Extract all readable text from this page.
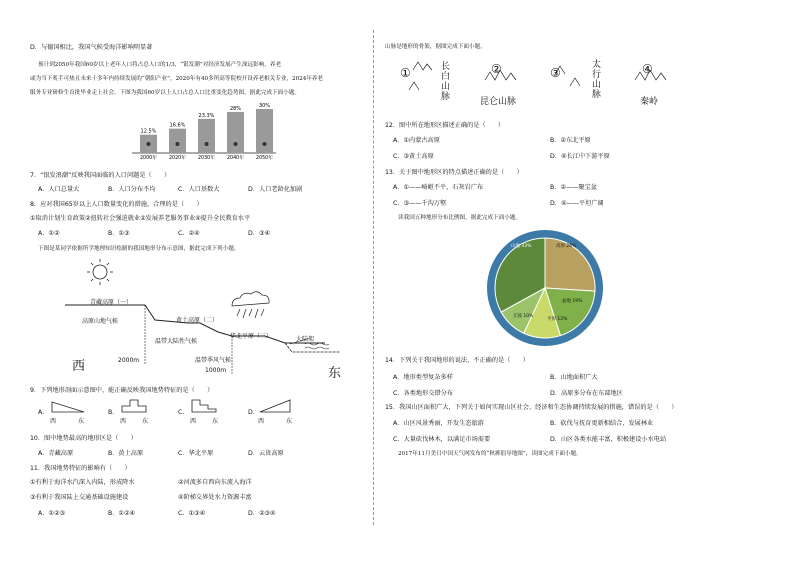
D．与德国相比，我国气候受海洋影响明显著
预计到2050年我国60岁以上老年人口将占总人口的1/3，“银发潮”对经济发展产生深远影响，养老
或为当下炙手可热且未来十多年内持续发展的“朝阳产业”，2020年有40多所高等院校开设养老相关专业，2024年养老
服务专业研修生首批毕业走上社会。下图为我国60岁以上人口占总人口比重变化趋势图。据此完成下面小题。
12.5%
2000年
16.6%
2020年
23.3%
2030年
28%
2040年
30%
2050年
7．“银发浪潮”反映我国面临的人口问题是（　　）
A．人口总量大	B．人口分布不均	C．人口基数大	D．人口老龄化加剧
8．应对我国65岁以上人口数量变化的措施，合理的是（　　）
①取消计划生育政策②扭转社会强迫就业②发展养老服务事业④提升全民教育水平
A．①②	B．①③	C．②④	D．③④
下图是某同学依据所学地理知识绘制的我国地形分布示意图，据此完成下列小题。
青藏高原（一）
高原山地气候	黄土高原（二）
温带大陆性气候
华北平原（三）
温带季风气候
大陆架
2000m
1000m
西	东
9．下列地形剖面示意图中，能正确反映我国地势特征的是（　　）
A．	B．	C．	D．
西	东	西	东	西	东	西	东
10．图中地势最高的地形区是（　　）
A．青藏高原	B．黄土高原	C．华北平原	D．云贵高原
11．我国地势特征的影响有（　　）
①有利于海洋水汽深入内陆，形成降水	②河流多自西向东流入海洋
③有利于我国陆上交通基础设施建设	④阶梯交界处水力资源丰富
A．①②③	B．①②④	C．①③④	D．②③④
山脉是地形的骨架，据图完成下面小题。
①	长白山脉
②
昆仑山脉
③
太行山脉
④
秦岭
12．图中所在地形区描述正确的是（　　）
A．①内蒙古高原	B．②东北平原
C．③黄土高原	D．④长江中下游平原
13．关于图中地形区的特点描述正确的是（　　）
A．①——崎岖不平，石灰岩广布	B．②——聚宝盆
C．③——千沟万壑	D．④——平坦广阔
读我国五种地形分布比例图，据此完成下面小题。
山地 33%	高原 26%
盆地 19%
平原 12%
丘陵 10%
14．下列关于我国地形的说法，不正确的是（　　）
A．地形类型复杂多样	B．山地面积广大
C．各类地形交错分布	D．高原多分布在东部地区
15．我国山区面积广大，下列关于如何实现山区社会、经济和生态协调持续发展的措施，错误的是（　　）
A．山区风景秀丽，开发生态旅游	B．砍伐与抚育更新相结合，发展林业
C．大量砍伐林木，以满足市场需要	D．山区各类水能丰富，积极建设小水电站
2017年11月美日中国天气网发布的“秋裤倡导地图”，读图完成下面小题。
